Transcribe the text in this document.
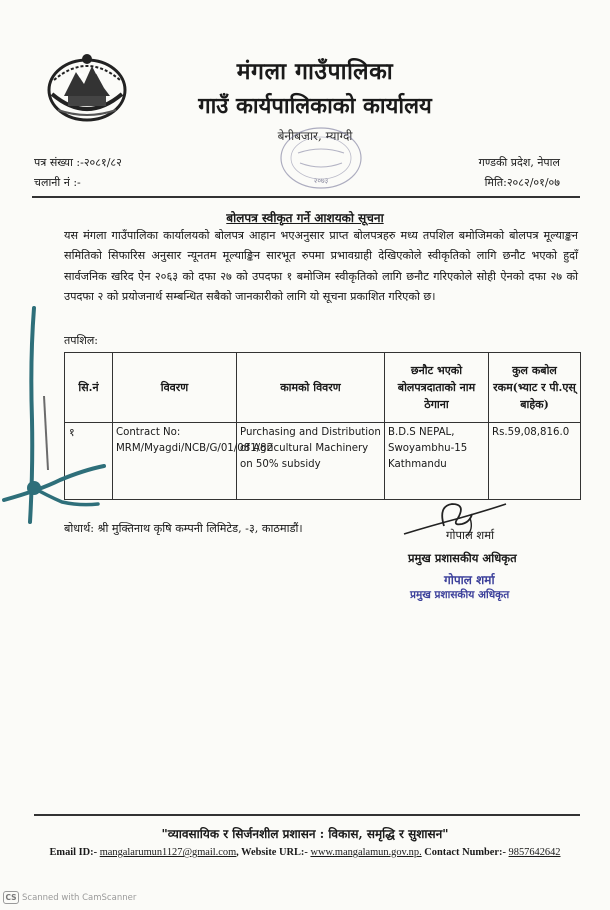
मंगला गाउँपालिका
गाउँ कार्यपालिकाको कार्यालय
बेनीबजार, म्याग्दी
२०७३
पत्र संख्या :-२०८१/८२
चलानी नं :-
गण्डकी प्रदेश, नेपाल
मिति:२०८२/०१/०७
बोलपत्र स्वीकृत गर्ने आशयको सूचना

यस मंगला गाउँपालिका कार्यालयको बोलपत्र आहान भएअनुसार प्राप्त बोलपत्रहरु मध्य तपशिल बमोजिमको बोलपत्र मूल्याङ्कन समितिको सिफारिस अनुसार न्यूनतम मूल्याङ्किन सारभूत रुपमा प्रभावग्राही देखिएकोले स्वीकृतिको लागि छनौट भएको हुदाँ सार्वजनिक खरिद ऐन २०६३ को दफा २७ को उपदफा १ बमोजिम स्वीकृतिको लागि छनौट गरिएकोले सोही ऐनको दफा २७ को उपदफा २ को प्रयोजनार्थ सम्बन्धित सबैको जानकारीको लागि यो सूचना प्रकाशित गरिएको छ।

तपशिल:
सि.नं	विवरण	कामको विवरण	छनौट भएको बोलपत्रदाताको नाम ठेगाना	कुल कबोल रकम(भ्याट र पी.एस् बाहेक)
१	Contract No: MRM/Myagdi/NCB/G/01/081/82	Purchasing and Distribution of Agricultural Machinery on 50% subsidy	B.D.S NEPAL, Swoyambhu-15 Kathmandu	Rs.59,08,816.0
बोधार्थ: श्री मुक्तिनाथ कृषि कम्पनी लिमिटेड, -३, काठमाडौं।	गोपाल शर्मा
प्रमुख प्रशासकीय अधिकृत
गोपाल शर्मा
प्रमुख प्रशासकीय अधिकृत
"व्यावसायिक र सिर्जनशील प्रशासन : विकास, समृद्धि र सुशासन"
Email ID:- mangalarumun1127@gmail.com, Website URL:- www.mangalamun.gov.np. Contact Number:- 9857642642
CS Scanned with CamScanner
